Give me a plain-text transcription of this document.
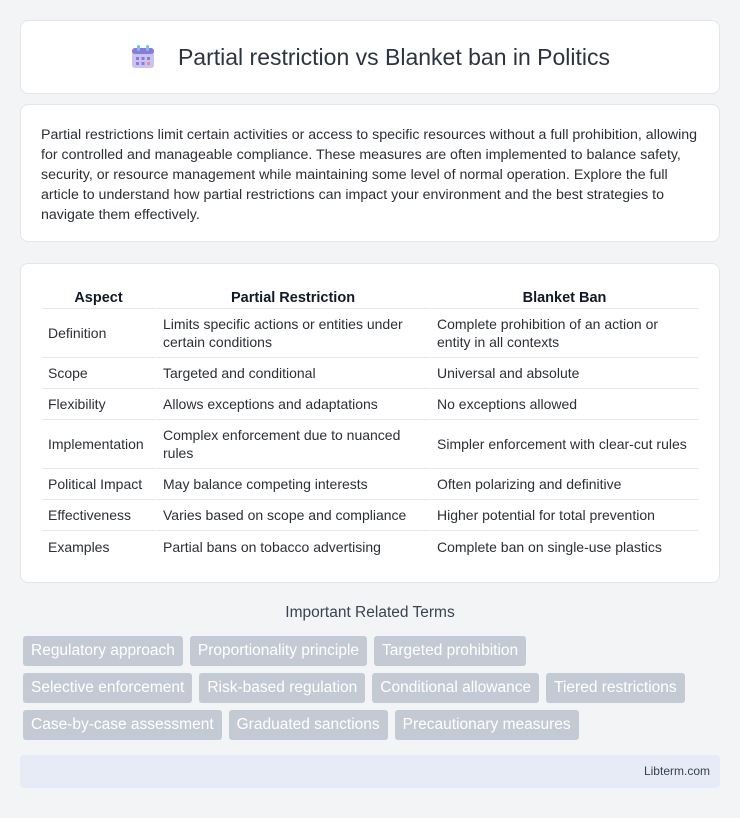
Partial restriction vs Blanket ban in Politics

Partial restrictions limit certain activities or access to specific resources without a full prohibition, allowing for controlled and manageable compliance. These measures are often implemented to balance safety, security, or resource management while maintaining some level of normal operation. Explore the full article to understand how partial restrictions can impact your environment and the best strategies to navigate them effectively.

Aspect	Partial Restriction	Blanket Ban
Definition	Limits specific actions or entities under certain conditions	Complete prohibition of an action or entity in all contexts
Scope	Targeted and conditional	Universal and absolute
Flexibility	Allows exceptions and adaptations	No exceptions allowed
Implementation	Complex enforcement due to nuanced rules	Simpler enforcement with clear-cut rules
Political Impact	May balance competing interests	Often polarizing and definitive
Effectiveness	Varies based on scope and compliance	Higher potential for total prevention
Examples	Partial bans on tobacco advertising	Complete ban on single-use plastics
Important Related Terms
Regulatory approach	Proportionality principle	Targeted prohibition
Selective enforcement	Risk-based regulation	Conditional allowance	Tiered restrictions
Case-by-case assessment	Graduated sanctions	Precautionary measures
Libterm.com
